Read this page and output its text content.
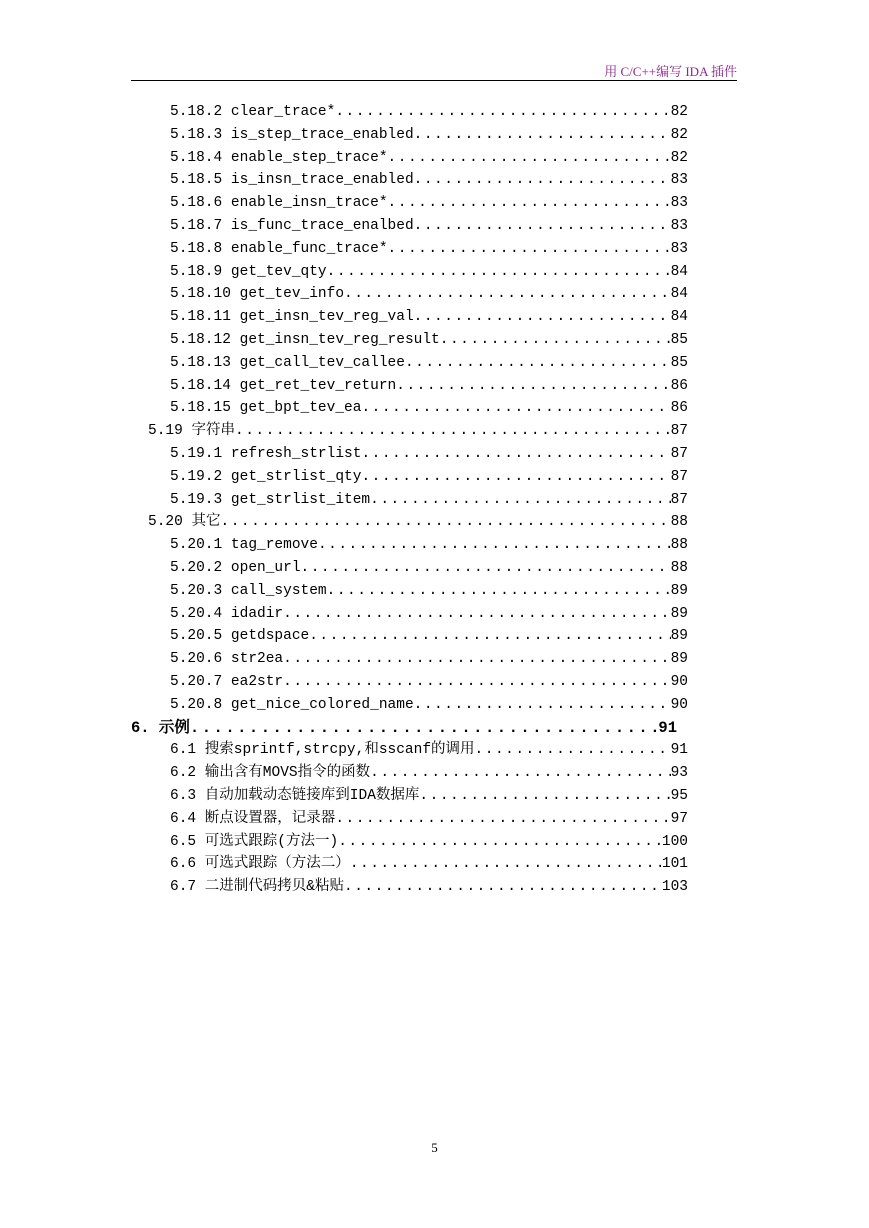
用 C/C++编写 IDA 插件
5.18.2 clear_trace* . . .	82
5.18.3 is_step_trace_enabled . . .	82
5.18.4 enable_step_trace* . . .	82
5.18.5 is_insn_trace_enabled . . .	83
5.18.6 enable_insn_trace* . . .	83
5.18.7 is_func_trace_enalbed . . .	83
5.18.8 enable_func_trace* . . .	83
5.18.9 get_tev_qty . . .	84
5.18.10 get_tev_info . . .	84
5.18.11 get_insn_tev_reg_val . . .	84
5.18.12 get_insn_tev_reg_result . . .	85
5.18.13 get_call_tev_callee . . .	85
5.18.14 get_ret_tev_return . . .	86
5.18.15 get_bpt_tev_ea . . .	86
5.19 字符串 . . .	87
5.19.1 refresh_strlist . . .	87
5.19.2 get_strlist_qty . . .	87
5.19.3 get_strlist_item . . .	87
5.20 其它 . . .	88
5.20.1 tag_remove . . .	88
5.20.2 open_url . . .	88
5.20.3 call_system . . .	89
5.20.4 idadir . . .	89
5.20.5 getdspace . . .	89
5.20.6 str2ea . . .	89
5.20.7 ea2str . . .	90
5.20.8 get_nice_colored_name . . .	90
6. 示例 . . .	91
6.1 搜索sprintf,strcpy,和sscanf的调用 . . .	91
6.2 输出含有MOVS指令的函数 . . .	93
6.3 自动加载动态链接库到IDA数据库 . . .	95
6.4 断点设置器，记录器 . . .	97
6.5 可选式跟踪(方法一) . . .	100
6.6 可选式跟踪（方法二） . . .	101
6.7 二进制代码拷贝&粘贴 . . .	103
5
